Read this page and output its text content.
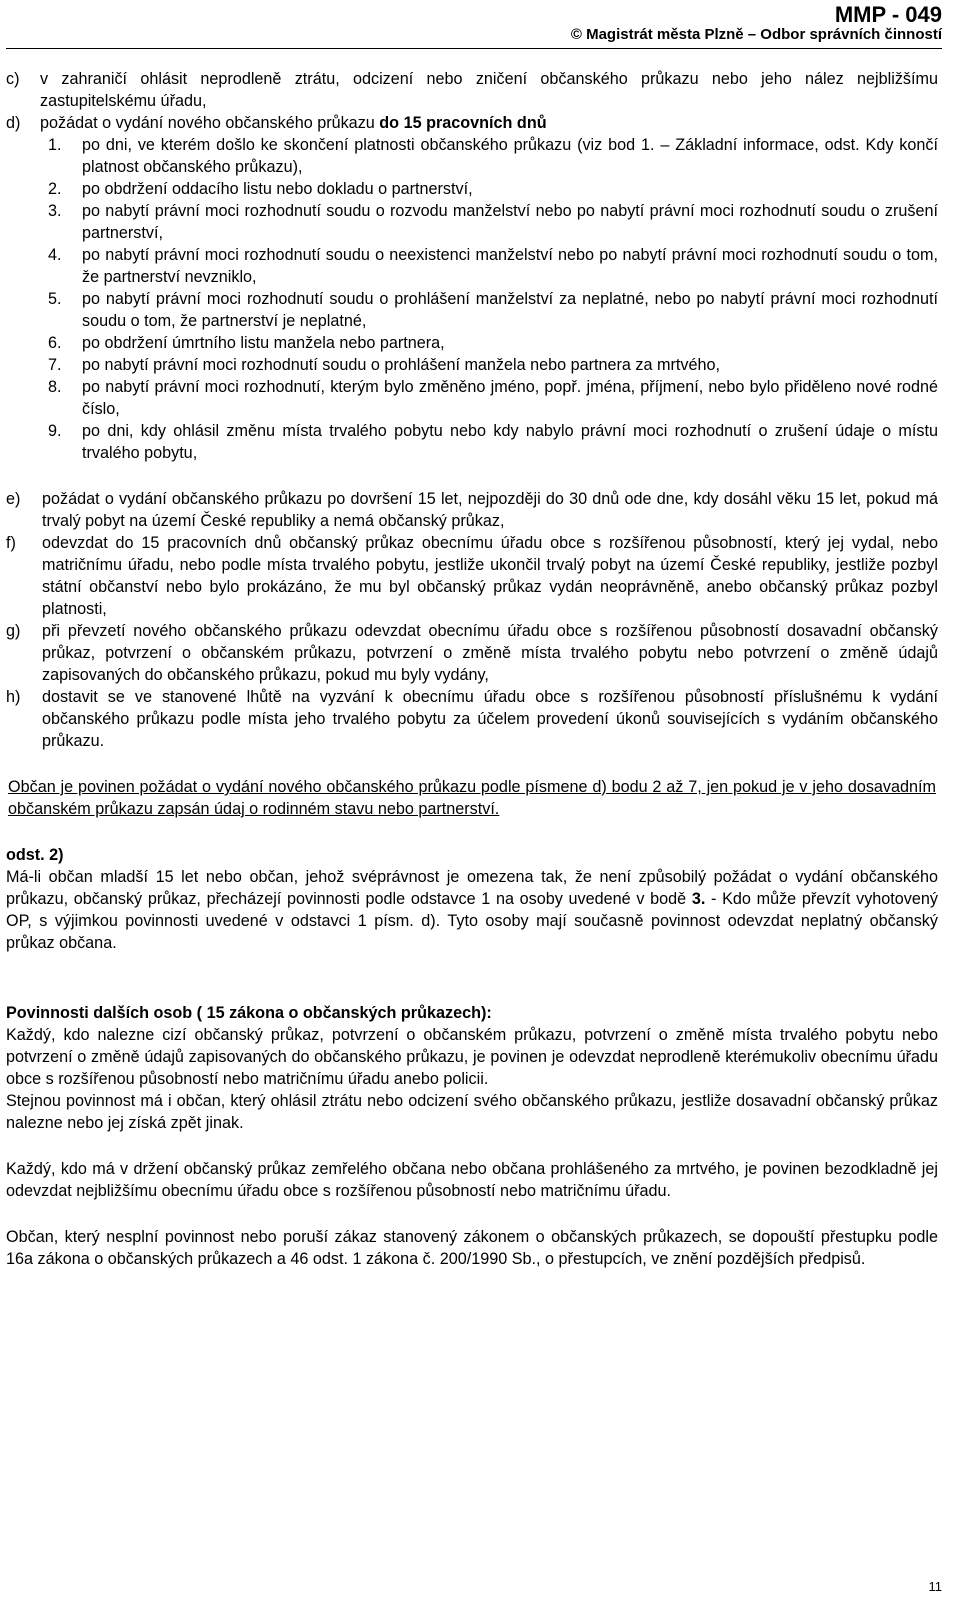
MMP - 049
© Magistrát města Plzně – Odbor správních činností
c)	v zahraničí ohlásit neprodleně ztrátu, odcizení nebo zničení občanského průkazu nebo jeho nález nejbližšímu zastupitelskému úřadu,
d)	požádat o vydání nového občanského průkazu do 15 pracovních dnů
1.	po dni, ve kterém došlo ke skončení platnosti občanského průkazu (viz bod 1. – Základní informace, odst. Kdy končí platnost občanského průkazu),
2.	po obdržení oddacího listu nebo dokladu o partnerství,
3.	po nabytí právní moci rozhodnutí soudu o rozvodu manželství nebo po nabytí právní moci rozhodnutí soudu o zrušení partnerství,
4.	po nabytí právní moci rozhodnutí soudu o neexistenci manželství nebo po nabytí právní moci rozhodnutí soudu o tom, že partnerství nevzniklo,
5.	po nabytí právní moci rozhodnutí soudu o prohlášení manželství za neplatné, nebo po nabytí právní moci rozhodnutí soudu o tom, že partnerství je neplatné,
6.	po obdržení úmrtního listu manžela nebo partnera,
7.	po nabytí právní moci rozhodnutí soudu o prohlášení manžela nebo partnera za mrtvého,
8.	po nabytí právní moci rozhodnutí, kterým bylo změněno jméno, popř. jména, příjmení, nebo bylo přiděleno nové rodné číslo,
9.	po dni, kdy ohlásil změnu místa trvalého pobytu nebo kdy nabylo právní moci rozhodnutí o zrušení údaje o místu trvalého pobytu,
e)	požádat o vydání občanského průkazu po dovršení 15 let, nejpozději do 30 dnů ode dne, kdy dosáhl věku 15 let, pokud má trvalý pobyt na území České republiky a nemá občanský průkaz,
f)	odevzdat do 15 pracovních dnů občanský průkaz obecnímu úřadu obce s rozšířenou působností, který jej vydal, nebo matričnímu úřadu, nebo podle místa trvalého pobytu, jestliže ukončil trvalý pobyt na území České republiky, jestliže pozbyl státní občanství nebo bylo prokázáno, že mu byl občanský průkaz vydán neoprávněně, anebo občanský průkaz pozbyl platnosti,
g)	při převzetí nového občanského průkazu odevzdat obecnímu úřadu obce s rozšířenou působností dosavadní občanský průkaz, potvrzení o občanském průkazu, potvrzení o změně místa trvalého pobytu nebo potvrzení o změně údajů zapisovaných do občanského průkazu, pokud mu byly vydány,
h)	dostavit se ve stanovené lhůtě na vyzvání k obecnímu úřadu obce s rozšířenou působností příslušnému k vydání občanského průkazu podle místa jeho trvalého pobytu za účelem provedení úkonů souvisejících s vydáním občanského průkazu.
Občan je povinen požádat o vydání nového občanského průkazu podle písmene d) bodu 2 až 7, jen pokud je v jeho dosavadním občanském průkazu zapsán údaj o rodinném stavu nebo partnerství.
odst. 2)
Má-li občan mladší 15 let nebo občan, jehož svéprávnost je omezena tak, že není způsobilý požádat o vydání občanského průkazu, občanský průkaz, přecházejí povinnosti podle odstavce 1 na osoby uvedené v bodě 3. - Kdo může převzít vyhotovený OP, s výjimkou povinnosti uvedené v odstavci 1 písm. d). Tyto osoby mají současně povinnost odevzdat neplatný občanský průkaz občana.
Povinnosti dalších osob ( 15 zákona o občanských průkazech):
Každý, kdo nalezne cizí občanský průkaz, potvrzení o občanském průkazu, potvrzení o změně místa trvalého pobytu nebo potvrzení o změně údajů zapisovaných do občanského průkazu, je povinen je odevzdat neprodleně kterémukoliv obecnímu úřadu obce s rozšířenou působností nebo matričnímu úřadu anebo policii.
Stejnou povinnost má i občan, který ohlásil ztrátu nebo odcizení svého občanského průkazu, jestliže dosavadní občanský průkaz nalezne nebo jej získá zpět jinak.
Každý, kdo má v držení občanský průkaz zemřelého občana nebo občana prohlášeného za mrtvého, je povinen bezodkladně jej odevzdat nejbližšímu obecnímu úřadu obce s rozšířenou působností nebo matričnímu úřadu.
Občan, který nesplní povinnost nebo poruší zákaz stanovený zákonem o občanských průkazech, se dopouští přestupku podle 16a zákona o občanských průkazech a 46 odst. 1 zákona č. 200/1990 Sb., o přestupcích, ve znění pozdějších předpisů.
11
